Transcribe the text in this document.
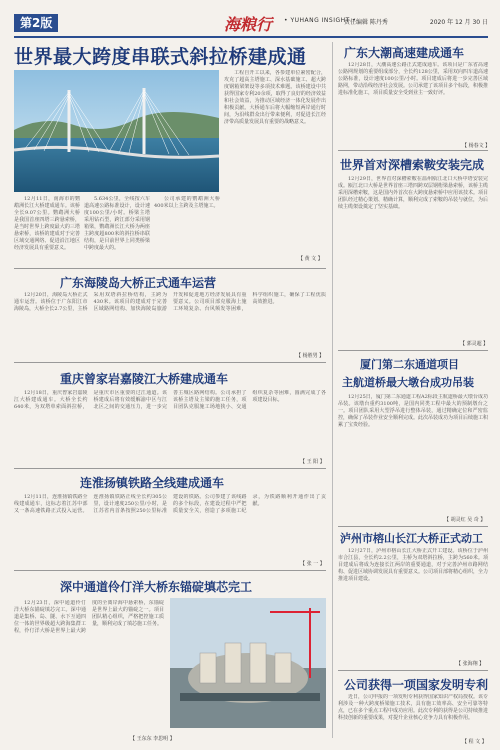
第2版	海粮行 • YUHANG INSIGHT •
责任编辑 陈丹秀	2020 年 12 月 30 日
世界最大跨度串联式斜拉桥建成通

12月11日，南海市的鹦鹉洲长江大桥建成通车。该桥全长9.07公里。鹦鹉洲大桥是我国首座四塔三跨悬索桥，是当时世界上跨度最大的三塔悬索桥，该桥的建成对于完善区域交通网络、促进沿江地区经济发展具有重要意义。

5.634公里，全线按六车道高速公路标准设计，设计速度100公里/小时。桥梁主塔采用钻石型，跨江部分采用钢箱梁，鹦鹉洲长江大桥为两座主跨度超800米的斜拉桥串联结构，是目前世界上同类桥梁中跨度最大的。

公司承建的鹦鹉洲大桥400米以上主跨及主塔施工。

工程自开工以来，各参建单位紧密配合，攻克了超高主塔施工、深水基础施工、超大跨度钢箱梁架设等多项技术难题。该桥建设中共获得国家专利20余项，取得了良好的经济效益和社会效益，为推动区域经济一体化发展作出积极贡献。大桥通车后将大幅缩短两岸通行时间，为沿线群众出行带来便利，对促进长江经济带高质量发展具有重要的战略意义。

【 黄 文 】
广东海陵岛大桥正式通车运营

12月20日，海陵岛大桥正式通车运营。该桥位于广东阳江市海陵岛，大桥全长2.7公里，主桥采用双塔斜拉桥结构，主跨为430米。该项目的建成对于完善区域路网结构、加快海陵岛旅游开发和促进地方经济发展具有重要意义。公司项目部克服海上施工环境复杂、台风频发等困难，科学组织施工，确保了工程优质高效推进。

【 杨胜男 】
重庆曾家岩嘉陵江大桥建成通车

12月18日，重庆曾家岩嘉陵江大桥建成通车。大桥全长约640米，为双塔单索面斜拉桥，是重庆市区重要的过江通道。该桥建成后将有效缓解渝中区与江北区之间的交通压力，进一步完善主城区路网结构。公司承担了该桥主塔及主梁的施工任务，项目团队克服施工场地狭小、交通组织复杂等困难，圆满完成了各项建设目标。

【 王 阳 】
连淮扬镇铁路全线建成通车

12月11日，连淮扬镇铁路全线建成通车，这标志着江苏中部又一条高速铁路正式投入运营。连淮扬镇铁路正线全长约305公里，设计速度250公里/小时，是江苏省内首条按照250公里标准建设的铁路。公司参建了该线路的多个标段，在建设过程中严把质量安全关，创造了多项施工纪录，为铁路顺利开通作出了贡献。

【 张 一 】
深中通道伶仃洋大桥东锚碇填芯完工

12月23日，深中通道伶仃洋大桥东锚碇填芯完工。深中通道是集桥、岛、隧、水下互通四位一体的世界级超大跨海集群工程，伶仃洋大桥是世界上最大跨度的全离岸海中悬索桥，东锚碇是世界上最大的锚碇之一。项目团队精心组织，严格把控施工质量，顺利完成了填芯施工任务。

【 王东东 李思明 】
广东大潮高速建成通车

12月28日，大潮高速公路正式建成通车。该项目是广东省高速公路网规划的重要组成部分，全长约128公里，采用双向四车道高速公路标准，设计速度100公里/小时。项目建成后将进一步完善区域路网，带动沿线经济社会发展。公司承建了该项目多个标段，积极推进标准化施工，项目质量安全受到业主一致好评。

【 杨春文 】
世界首对深槽索鞍安装完成

12月29日，世界首对深槽索鞍在温州瓯江北口大桥中塔安装完成。瓯江北口大桥是世界首座三塔四跨双层钢桁梁悬索桥，该桥主缆采用深槽索鞍，这是国内外首次在大跨度悬索桥中应用该技术。项目团队经过精心策划、精确计算，顺利完成了索鞍的吊装与就位，为后续主缆架设奠定了坚实基础。

【 郭灵超 】
厦门第二东通道项目
主航道桥最大墩台成功吊装

12月25日，厦门第二东通道工程A2标段主航道桥最大墩台成功吊装。该墩台重约3100吨，是国内同类工程中最大的预制墩台之一。项目团队采用大型浮吊进行整体吊装，通过精确定位和严密监控，确保了吊装作业安全顺利完成。此次吊装成功为项目后续施工积累了宝贵经验。

【 胡灵红 吴 奇 】
泸州市榕山长江大桥正式动工

12月27日，泸州市榕山长江大桥正式开工建设。该桥位于泸州市合江县，全长约2.2公里，主桥为双塔斜拉桥，主跨为560米。项目建成后将成为连接长江两岸的重要通道，对于完善泸州市路网结构、促进区域协调发展具有重要意义。公司项目部将精心组织，全力推进项目建设。

【 张海翔 】
公司获得一项国家发明专利

近日，公司申报的一项发明专利获得国家知识产权局授权。该专利涉及一种大跨度桥梁施工技术，具有施工效率高、安全可靠等特点，已在多个重点工程中成功应用。此次专利的获得是公司持续推进科技创新的重要成果，对提升企业核心竞争力具有积极作用。

【 程 文 】
